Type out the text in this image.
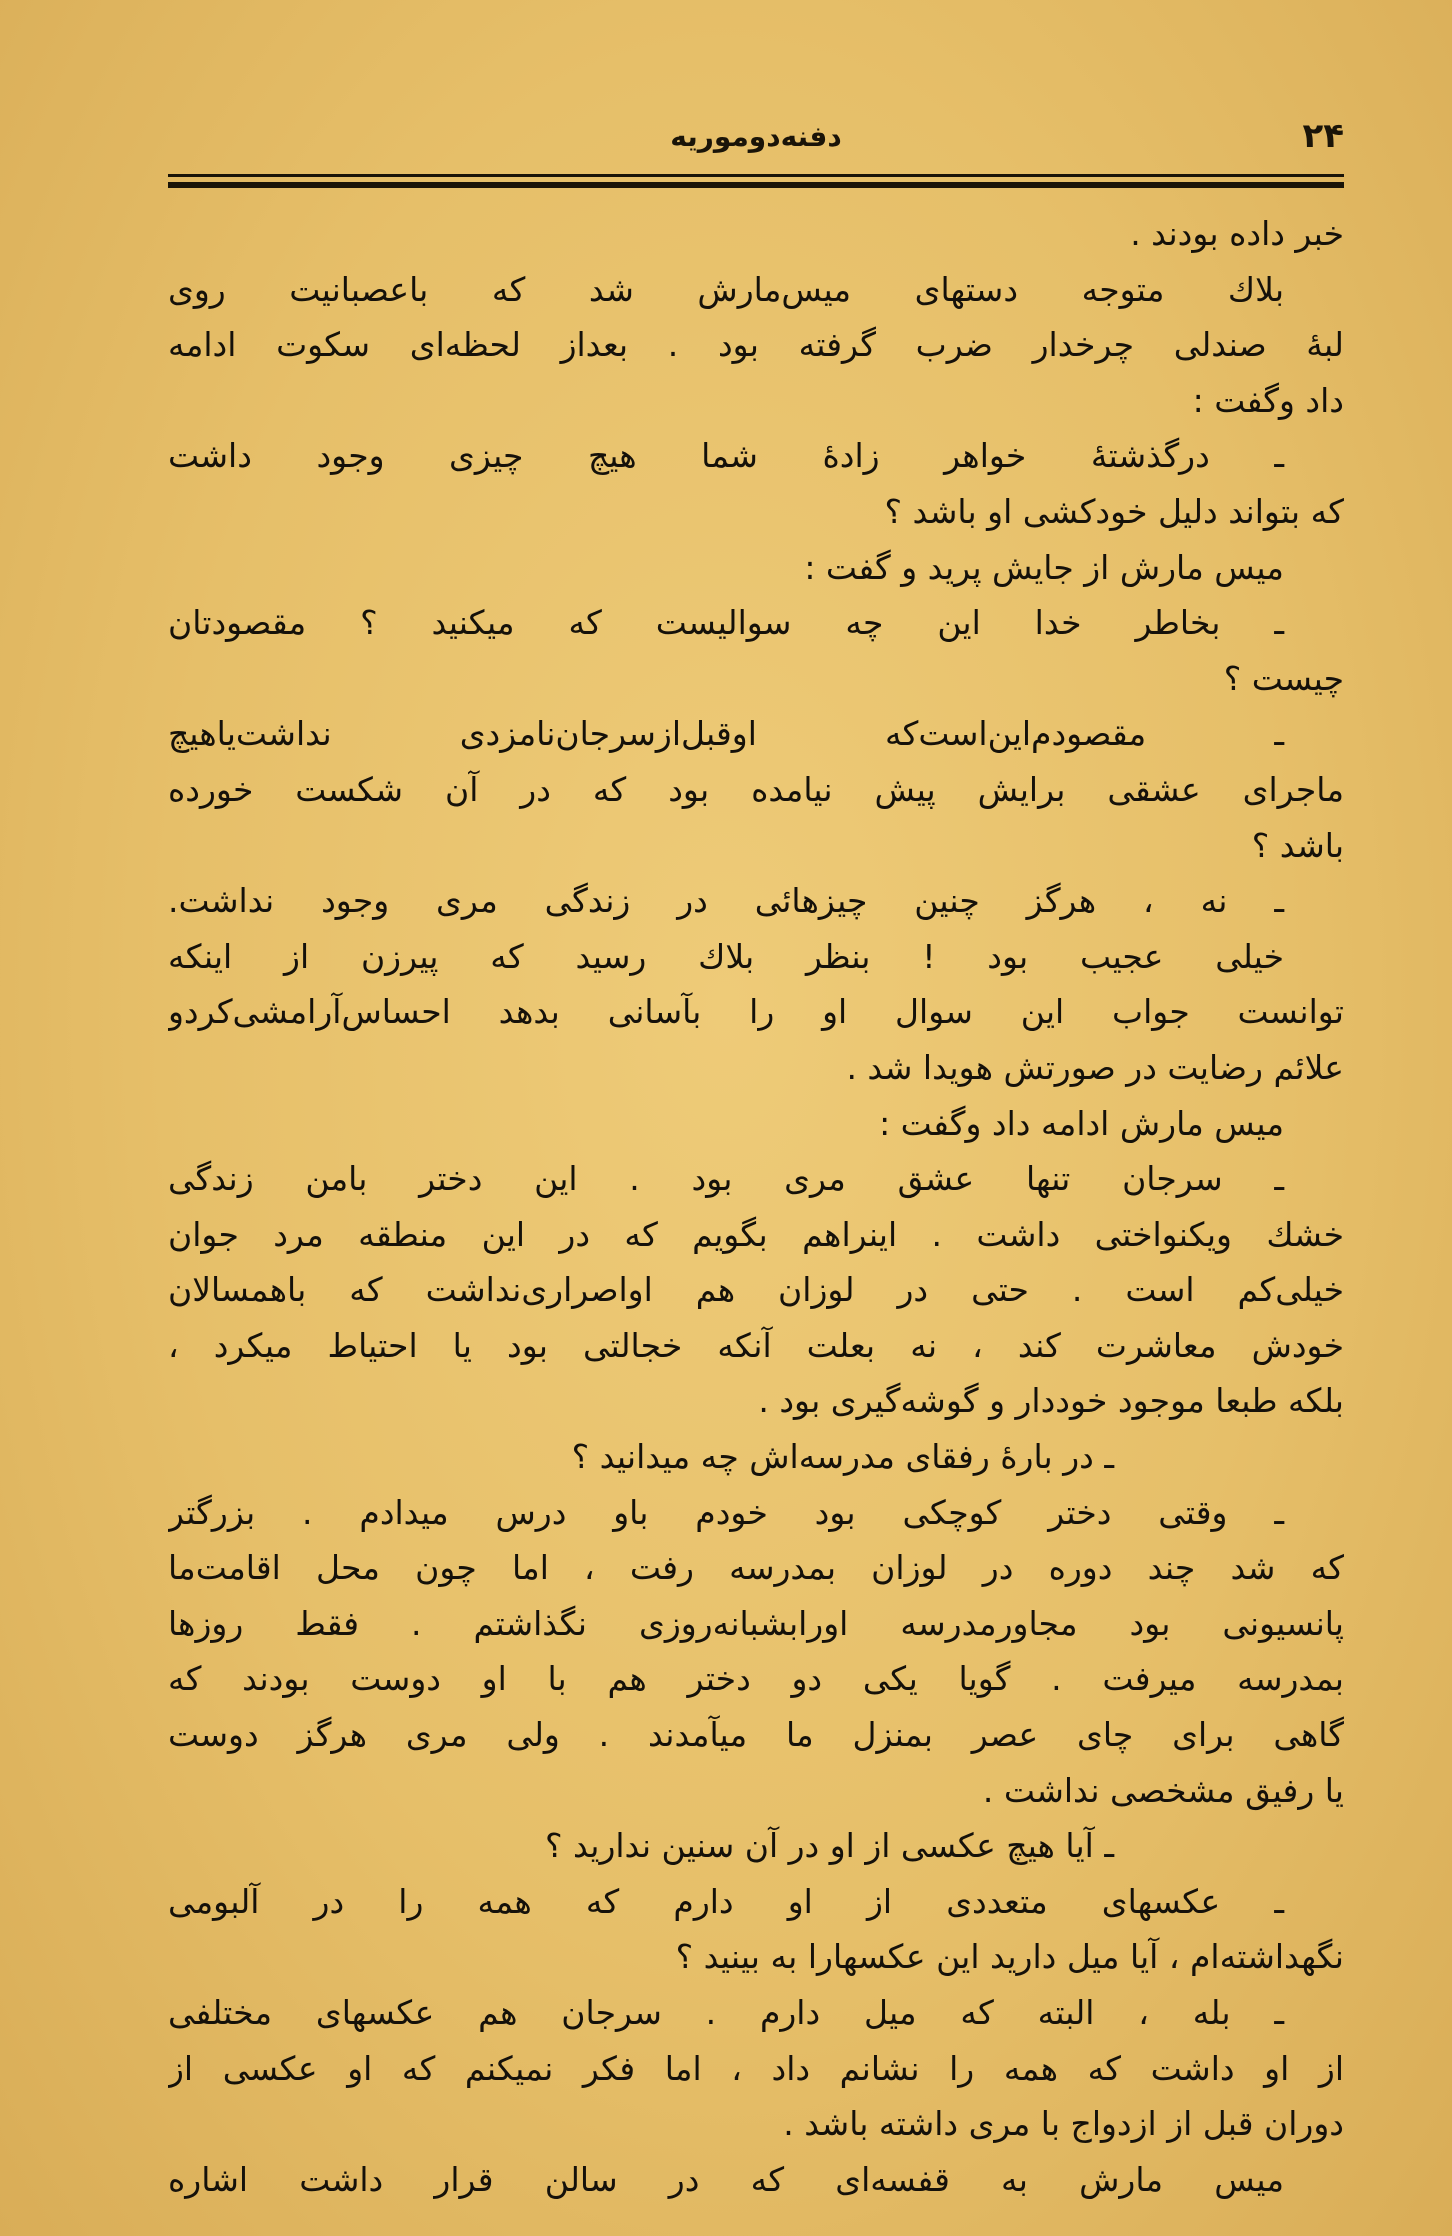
۲۴
دفنه‌دوموریه
خبر داده بودند .
بلاك متوجه دستهای میس‌مارش شد که باعصبانیت روی
لبهٔ صندلی چرخدار ضرب گرفته بود . بعداز لحظه‌ای سکوت ادامه
داد وگفت :
ـ درگذشتهٔ خواهر زادهٔ شما هیچ چیزی وجود داشت
که بتواند دلیل خودکشی او باشد ؟
میس مارش از جایش پرید و گفت :
ـ بخاطر خدا این چه سوالیست که میکنید ؟ مقصودتان
چیست ؟
ـ مقصودم‌این‌است‌که اوقبل‌ازسرجان‌نامزدی نداشت‌یاهیچ
ماجرای عشقی برایش پیش نیامده بود که در آن شکست خورده
باشد ؟
ـ نه ، هرگز چنین چیزهائی در زندگی مری وجود نداشت.
خیلی عجیب بود ! بنظر بلاك رسید که پیرزن از اینکه
توانست جواب این سوال او را بآسانی بدهد احساس‌آرامشی‌کردو
علائم رضایت در صورتش هویدا شد .
میس مارش ادامه داد وگفت :
ـ سرجان تنها عشق مری بود . این دختر بامن زندگی
خشك ویکنواختی داشت . اینراهم بگویم که در این منطقه مرد جوان
خیلی‌کم است . حتی در لوزان هم اواصراری‌نداشت که باهمسالان
خودش معاشرت کند ، نه بعلت آنکه خجالتی بود یا احتیاط میکرد ،
بلکه طبعا موجود خوددار و گوشه‌گیری بود .
ـ در بارهٔ رفقای مدرسه‌اش چه میدانید ؟
ـ وقتی دختر کوچکی بود خودم باو درس میدادم . بزرگتر
که شد چند دوره در لوزان بمدرسه رفت ، اما چون محل اقامت‌ما
پانسیونی بود مجاورمدرسه اورابشبانه‌روزی نگذاشتم . فقط روزها
بمدرسه میرفت . گویا یکی دو دختر هم با او دوست بودند که
گاهی برای چای عصر بمنزل ما میآمدند . ولی مری هرگز دوست
یا رفیق مشخصی نداشت .
ـ آیا هیچ عکسی از او در آن سنین ندارید ؟
ـ عکسهای متعددی از او دارم که همه را در آلبومی
نگهداشته‌ام ، آیا میل دارید این عکسهارا به بینید ؟
ـ بله ، البته که میل دارم . سرجان هم عکسهای مختلفی
از او داشت که همه را نشانم داد ، اما فکر نمیکنم که او عکسی از
دوران قبل از ازدواج با مری داشته باشد .
میس مارش به قفسه‌ای که در سالن قرار داشت اشاره
